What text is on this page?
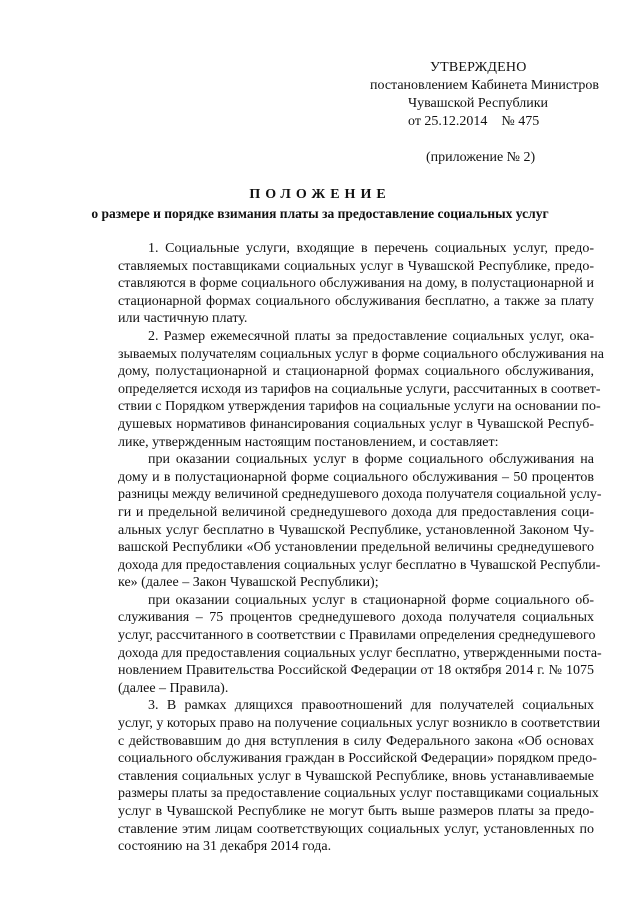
УТВЕРЖДЕНО
постановлением Кабинета Министров
Чувашской Республики
от 25.12.2014    № 475
(приложение № 2)
ПОЛОЖЕНИЕ
о размере и порядке взимания платы за предоставление социальных услуг
1. Социальные услуги, входящие в перечень социальных услуг, предо-
ставляемых поставщиками социальных услуг в Чувашской Республике, предо-
ставляются в форме социального обслуживания на дому, в полустационарной и
стационарной формах социального обслуживания бесплатно, а также за плату
или частичную плату.
2. Размер ежемесячной платы за предоставление социальных услуг, ока-
зываемых получателям социальных услуг в форме социального обслуживания на
дому, полустационарной и стационарной формах социального обслуживания,
определяется исходя из тарифов на социальные услуги, рассчитанных в соответ-
ствии с Порядком утверждения тарифов на социальные услуги на основании по-
душевых нормативов финансирования социальных услуг в Чувашской Респуб-
лике, утвержденным настоящим постановлением, и составляет:
при оказании социальных услуг в форме социального обслуживания на
дому и в полустационарной форме социального обслуживания – 50 процентов
разницы между величиной среднедушевого дохода получателя социальной услу-
ги и предельной величиной среднедушевого дохода для предоставления соци-
альных услуг бесплатно в Чувашской Республике, установленной Законом Чу-
вашской Республики «Об установлении предельной величины среднедушевого
дохода для предоставления социальных услуг бесплатно в Чувашской Республи-
ке» (далее – Закон Чувашской Республики);
при оказании социальных услуг в стационарной форме социального об-
служивания – 75 процентов среднедушевого дохода получателя социальных
услуг, рассчитанного в соответствии с Правилами определения среднедушевого
дохода для предоставления социальных услуг бесплатно, утвержденными поста-
новлением Правительства Российской Федерации от 18 октября 2014 г. № 1075
(далее – Правила).
3. В рамках длящихся правоотношений для получателей социальных
услуг, у которых право на получение социальных услуг возникло в соответствии
с действовавшим до дня вступления в силу Федерального закона «Об основах
социального обслуживания граждан в Российской Федерации» порядком предо-
ставления социальных услуг в Чувашской Республике, вновь устанавливаемые
размеры платы за предоставление социальных услуг поставщиками социальных
услуг в Чувашской Республике не могут быть выше размеров платы за предо-
ставление этим лицам соответствующих социальных услуг, установленных по
состоянию на 31 декабря 2014 года.
